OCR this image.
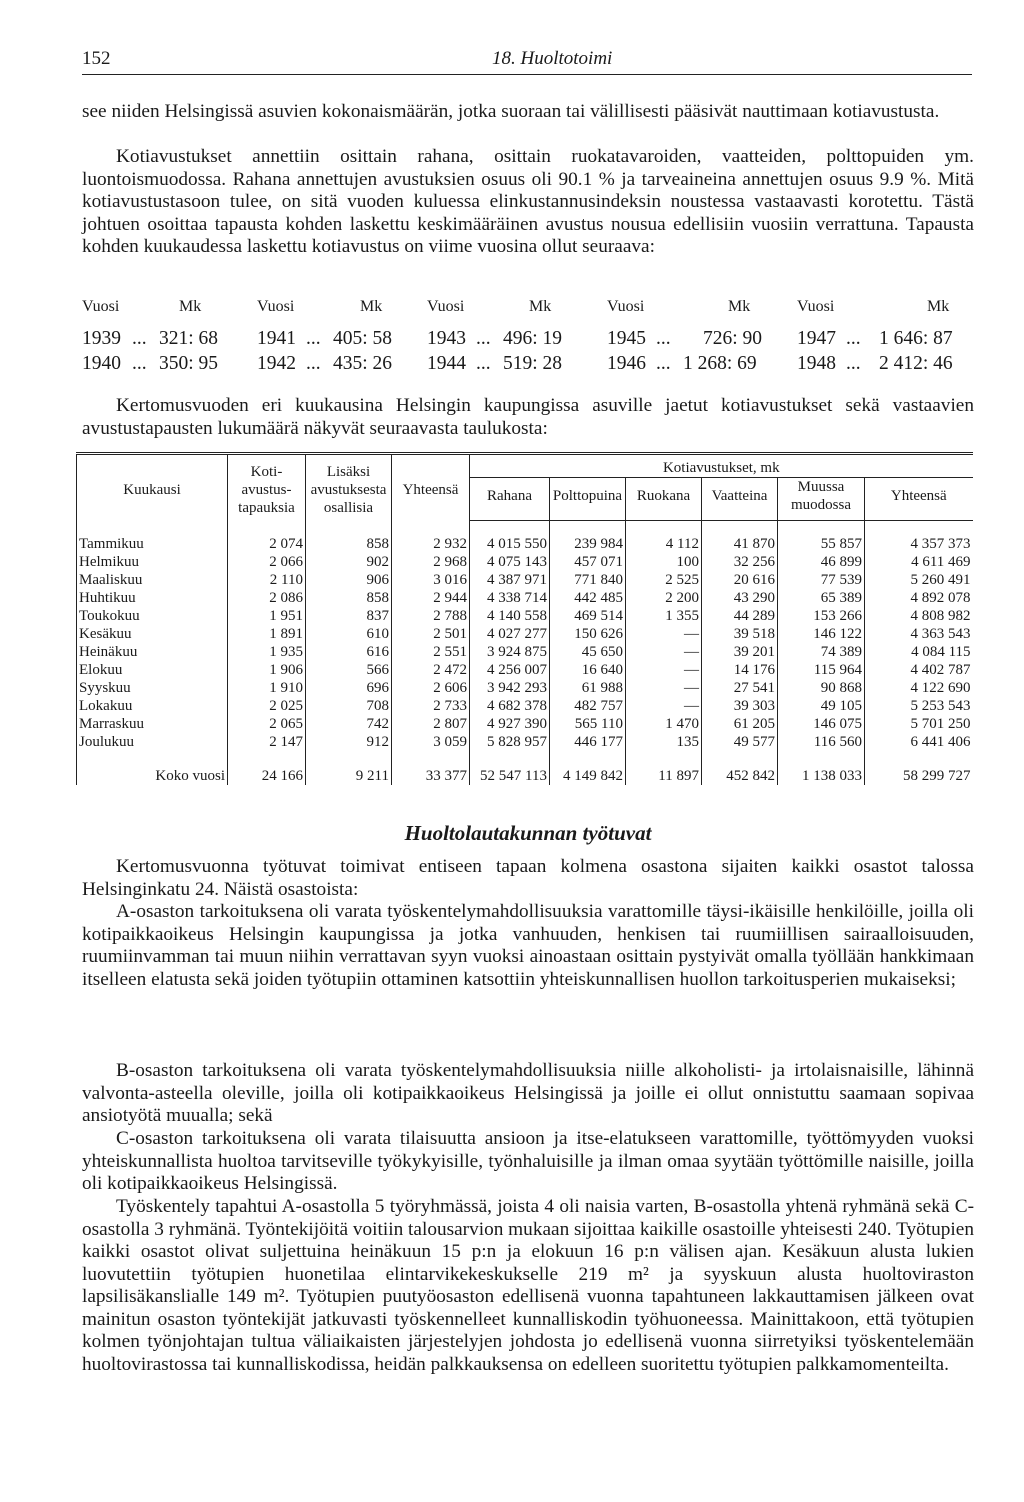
152	18. Huoltotoimi

see niiden Helsingissä asuvien kokonaismäärän, jotka suoraan tai välillisesti pääsivät nauttimaan kotiavustusta.

Kotiavustukset annettiin osittain rahana, osittain ruokatavaroiden, vaatteiden, polttopuiden ym. luontoismuodossa. Rahana annettujen avustuksien osuus oli 90.1 % ja tarveaineina annettujen osuus 9.9 %. Mitä kotiavustustasoon tulee, on sitä vuoden kuluessa elinkustannusindeksin noustessa vastaavasti korotettu. Tästä johtuen osoittaa tapausta kohden laskettu keskimääräinen avustus nousua edellisiin vuosiin verrattuna. Tapausta kohden kuukaudessa laskettu kotiavustus on viime vuosina ollut seuraava:

Vuosi	Mk	Vuosi	Mk	Vuosi	Mk	Vuosi	Mk	Vuosi	Mk
1939 ... 321: 68 1941 ... 405: 58 1943 ... 496: 19 1945 ... 726: 90 1947 ... 1 646: 87
1940 ... 350: 95 1942 ... 435: 26 1944 ... 519: 28 1946 ... 1 268: 69 1948 ... 2 412: 46

Kertomusvuoden eri kuukausina Helsingin kaupungissa asuville jaetut kotiavustukset sekä vastaavien avustustapausten lukumäärä näkyvät seuraavasta taulukosta:

Kuukausi	Koti-avustus-tapauksia	Lisäksi avustuksesta osallisia	Yhteensä	Kotiavustukset, mk					
				Rahana	Polttopuina	Ruokana	Vaatteina	Muussa muodossa	Yhteensä
Tammikuu	2 074	858	2 932	4 015 550	239 984	4 112	41 870	55 857	4 357 373
Helmikuu	2 066	902	2 968	4 075 143	457 071	100	32 256	46 899	4 611 469
Maaliskuu	2 110	906	3 016	4 387 971	771 840	2 525	20 616	77 539	5 260 491
Huhtikuu	2 086	858	2 944	4 338 714	442 485	2 200	43 290	65 389	4 892 078
Toukokuu	1 951	837	2 788	4 140 558	469 514	1 355	44 289	153 266	4 808 982
Kesäkuu	1 891	610	2 501	4 027 277	150 626	—	39 518	146 122	4 363 543
Heinäkuu	1 935	616	2 551	3 924 875	45 650	—	39 201	74 389	4 084 115
Elokuu	1 906	566	2 472	4 256 007	16 640	—	14 176	115 964	4 402 787
Syyskuu	1 910	696	2 606	3 942 293	61 988	—	27 541	90 868	4 122 690
Lokakuu	2 025	708	2 733	4 682 378	482 757	—	39 303	49 105	5 253 543
Marraskuu	2 065	742	2 807	4 927 390	565 110	1 470	61 205	146 075	5 701 250
Joulukuu	2 147	912	3 059	5 828 957	446 177	135	49 577	116 560	6 441 406
Koko vuosi	24 166	9 211	33 377	52 547 113	4 149 842	11 897	452 842	1 138 033	58 299 727
Huoltolautakunnan työtuvat

Kertomusvuonna työtuvat toimivat entiseen tapaan kolmena osastona sijaiten kaikki osastot talossa Helsinginkatu 24. Näistä osastoista:

A-osaston tarkoituksena oli varata työskentelymahdollisuuksia varattomille täysi-ikäisille henkilöille, joilla oli kotipaikkaoikeus Helsingin kaupungissa ja jotka vanhuuden, henkisen tai ruumiillisen sairaalloisuuden, ruumiinvamman tai muun niihin verrattavan syyn vuoksi ainoastaan osittain pystyivät omalla työllään hankkimaan itselleen elatusta sekä joiden työtupiin ottaminen katsottiin yhteiskunnallisen huollon tarkoitusperien mukaiseksi;

B-osaston tarkoituksena oli varata työskentelymahdollisuuksia niille alkoholisti- ja irtolaisnaisille, lähinnä valvonta-asteella oleville, joilla oli kotipaikkaoikeus Helsingissä ja joille ei ollut onnistuttu saamaan sopivaa ansiotyötä muualla; sekä

C-osaston tarkoituksena oli varata tilaisuutta ansioon ja itse-elatukseen varattomille, työttömyyden vuoksi yhteiskunnallista huoltoa tarvitseville työkykyisille, työnhaluisille ja ilman omaa syytään työttömille naisille, joilla oli kotipaikkaoikeus Helsingissä.

Työskentely tapahtui A-osastolla 5 työryhmässä, joista 4 oli naisia varten, B-osastolla yhtenä ryhmänä sekä C-osastolla 3 ryhmänä. Työntekijöitä voitiin talousarvion mukaan sijoittaa kaikille osastoille yhteisesti 240. Työtupien kaikki osastot olivat suljettuina heinäkuun 15 p:n ja elokuun 16 p:n välisen ajan. Kesäkuun alusta lukien luovutettiin työtupien huonetilaa elintarvikekeskukselle 219 m² ja syyskuun alusta huoltoviraston lapsilisäkanslialle 149 m². Työtupien puutyöosaston edellisenä vuonna tapahtuneen lakkauttamisen jälkeen ovat mainitun osaston työntekijät jatkuvasti työskennelleet kunnalliskodin työhuoneessa. Mainittakoon, että työtupien kolmen työnjohtajan tultua väliaikaisten järjestelyjen johdosta jo edellisenä vuonna siirretyiksi työskentelemään huoltovirastossa tai kunnalliskodissa, heidän palkkauksensa on edelleen suoritettu työtupien palkkamomenteilta.
